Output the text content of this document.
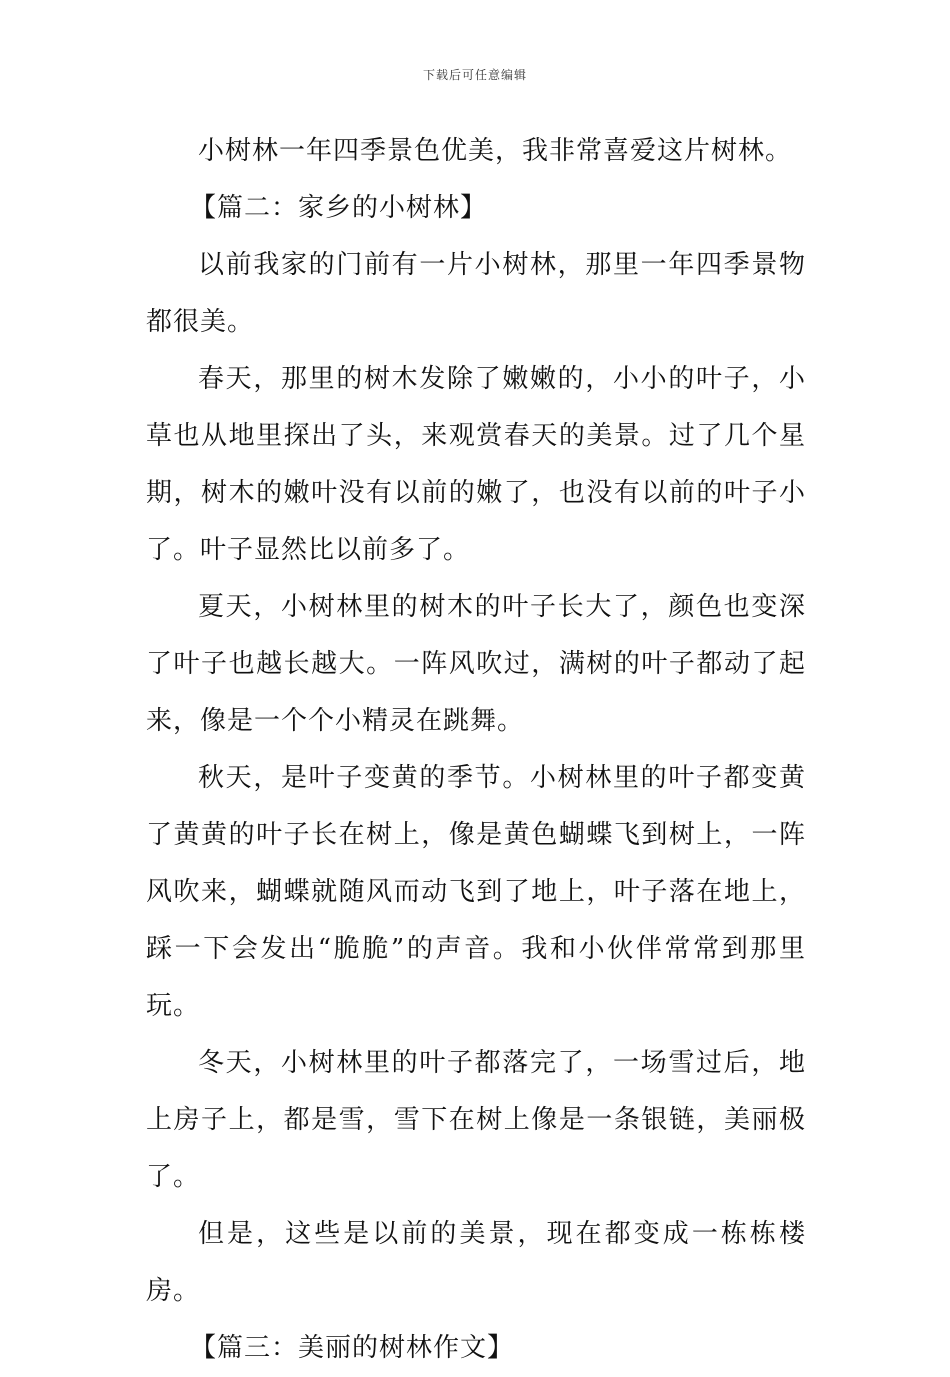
下载后可任意编辑

小树林一年四季景色优美，我非常喜爱这片树林。

【篇二：家乡的小树林】

以前我家的门前有一片小树林，那里一年四季景物都很美。

春天，那里的树木发除了嫩嫩的，小小的叶子，小草也从地里探出了头，来观赏春天的美景。过了几个星期，树木的嫩叶没有以前的嫩了，也没有以前的叶子小了。叶子显然比以前多了。

夏天，小树林里的树木的叶子长大了，颜色也变深了叶子也越长越大。一阵风吹过，满树的叶子都动了起来，像是一个个小精灵在跳舞。

秋天，是叶子变黄的季节。小树林里的叶子都变黄了黄黄的叶子长在树上，像是黄色蝴蝶飞到树上，一阵风吹来，蝴蝶就随风而动飞到了地上，叶子落在地上，踩一下会发出“脆脆”的声音。我和小伙伴常常到那里玩。

冬天，小树林里的叶子都落完了，一场雪过后，地上房子上，都是雪，雪下在树上像是一条银链，美丽极了。

但是，这些是以前的美景，现在都变成一栋栋楼房。

【篇三：美丽的树林作文】
